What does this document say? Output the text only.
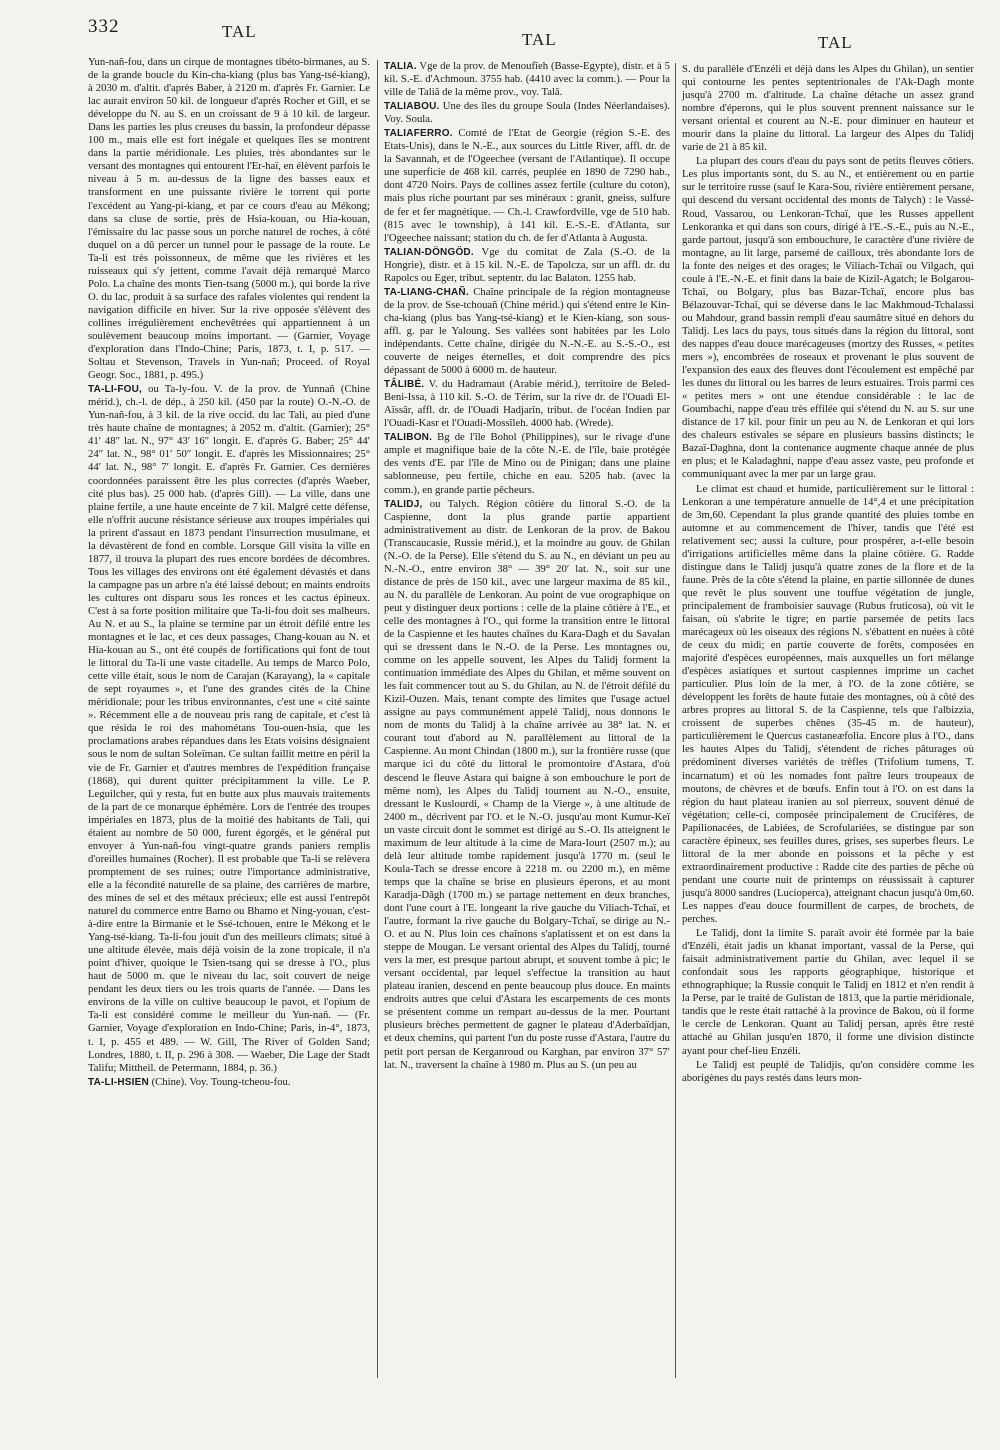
332	TAL	TAL	TAL

Yun-nañ-fou, dans un cirque de montagnes tibéto-birmanes, au S. de la grande boucle du Kin-cha-kiang (plus bas Yang-tsé-kiang), à 2030 m. d'altit. d'après Baber, à 2120 m. d'après Fr. Garnier. Le lac aurait environ 50 kil. de longueur d'après Rocher et Gill, et se développe du N. au S. en un croissant de 9 à 10 kil. de largeur. Dans les parties les plus creuses du bassin, la profondeur dépasse 100 m., mais elle est fort inégale et quelques îles se montrent dans la partie méridionale. Les pluies, très abondantes sur le versant des montagnes qui entourent l'Er-haï, en élèvent parfois le niveau à 5 m. au-dessus de la ligne des basses eaux et transforment en une puissante rivière le torrent qui porte l'excédent au Yang-pi-kiang, et par ce cours d'eau au Mékong; dans sa cluse de sortie, près de Hsia-kouan, ou Hia-kouan, l'émissaire du lac passe sous un porche naturel de roches, à côté duquel on a dû percer un tunnel pour le passage de la route. Le Ta-li est très poissonneux, de même que les rivières et les ruisseaux qui s'y jettent, comme l'avait déjà remarqué Marco Polo. La chaîne des monts Tien-tsang (5000 m.), qui borde la rive O. du lac, produit à sa surface des rafales violentes qui rendent la navigation difficile en hiver. Sur la rive opposée s'élèvent des collines irrégulièrement enchevêtrées qui appartiennent à un soulèvement beaucoup moins important. — (Garnier, Voyage d'exploration dans l'Indo-Chine; Paris, 1873, t. I, p. 517. — Soltau et Stevenson, Travels in Yun-nañ; Proceed. of Royal Geogr. Soc., 1881, p. 495.)

TA-LI-FOU, ou Ta-ly-fou. V. de la prov. de Yunnañ (Chine mérid.), ch.-l. de dép., à 250 kil. (450 par la route) O.-N.-O. de Yun-nañ-fou, à 3 kil. de la rive occid. du lac Tali, au pied d'une très haute chaîne de montagnes; à 2052 m. d'altit. (Garnier); 25° 41′ 48″ lat. N., 97° 43′ 16″ longit. E. d'après G. Baber; 25° 44′ 24″ lat. N., 98° 01′ 50″ longit. E. d'après les Missionnaires; 25° 44′ lat. N., 98° 7′ longit. E. d'après Fr. Garnier. Ces dernières coordonnées paraissent être les plus correctes (d'après Waeber, cité plus bas). 25 000 hab. (d'après Gill). — La ville, dans une plaine fertile, a une haute enceinte de 7 kil. Malgré cette défense, elle n'offrit aucune résistance sérieuse aux troupes impériales qui la prirent d'assaut en 1873 pendant l'insurrection musulmane, et la dévastèrent de fond en comble. Lorsque Gill visita la ville en 1877, il trouva la plupart des rues encore bordées de décombres. Tous les villages des environs ont été également dévastés et dans la campagne pas un arbre n'a été laissé debout; en maints endroits les cultures ont disparu sous les ronces et les cactus épineux. C'est à sa forte position militaire que Ta-li-fou doit ses malheurs. Au N. et au S., la plaine se termine par un étroit défilé entre les montagnes et le lac, et ces deux passages, Chang-kouan au N. et Hia-kouan au S., ont été coupés de fortifications qui font de tout le littoral du Ta-li une vaste citadelle. Au temps de Marco Polo, cette ville était, sous le nom de Carajan (Karayang), la « capitale de sept royaumes », et l'une des grandes cités de la Chine méridionale; pour les tribus environnantes, c'est une « cité sainte ». Récemment elle a de nouveau pris rang de capitale, et c'est là que résida le roi des mahométans Tou-ouen-hsia, que les proclamations arabes répandues dans les Etats voisins désignaient sous le nom de sultan Soleïman. Ce sultan faillit mettre en péril la vie de Fr. Garnier et d'autres membres de l'expédition française (1868), qui durent quitter précipitamment la ville. Le P. Leguilcher, qui y resta, fut en butte aux plus mauvais traitements de la part de ce monarque éphémère. Lors de l'entrée des troupes impériales en 1873, plus de la moitié des habitants de Tali, qui étaient au nombre de 50 000, furent égorgés, et le général put envoyer à Yun-nañ-fou vingt-quatre grands paniers remplis d'oreilles humaines (Rocher). Il est probable que Ta-li se relèvera promptement de ses ruines; outre l'importance administrative, elle a la fécondité naturelle de sa plaine, des carrières de marbre, des mines de sel et des métaux précieux; elle est aussi l'entrepôt naturel du commerce entre Bamo ou Bhamo et Ning-youan, c'est-à-dire entre la Birmanie et le Ssé-tchouen, entre le Mékong et le Yang-tsé-kiang. Ta-li-fou jouit d'un des meilleurs climats; situé à une altitude élevée, mais déjà voisin de la zone tropicale, il n'a point d'hiver, quoique le Tsien-tsang qui se dresse à l'O., plus haut de 5000 m. que le niveau du lac, soit couvert de neige pendant les deux tiers ou les trois quarts de l'année. — Dans les environs de la ville on cultive beaucoup le pavot, et l'opium de Ta-li est considéré comme le meilleur du Yun-nañ. — (Fr. Garnier, Voyage d'exploration en Indo-Chine; Paris, in-4°, 1873, t. I, p. 455 et 489. — W. Gill, The River of Golden Sand; Londres, 1880, t. II, p. 296 à 308. — Waeber, Die Lage der Stadt Talifu; Mittheil. de Petermann, 1884, p. 36.)

TA-LI-HSIEN (Chine). Voy. Toung-tcheou-fou.

TALIA. Vge de la prov. de Menoufîeh (Basse-Egypte), distr. et à 5 kil. S.-E. d'Achmoun. 3755 hab. (4410 avec la comm.). — Pour la ville de Taliâ de la même prov., voy. Talâ.

TALIABOU. Une des îles du groupe Soula (Indes Néerlandaises). Voy. Soula.

TALIAFERRO. Comté de l'Etat de Georgie (région S.-E. des Etats-Unis), dans le N.-E., aux sources du Little River, affl. dr. de la Savannah, et de l'Ogeechee (versant de l'Atlantique). Il occupe une superficie de 468 kil. carrés, peuplée en 1890 de 7290 hab., dont 4720 Noirs. Pays de collines assez fertile (culture du coton), mais plus riche pourtant par ses minéraux : granit, gneiss, sulfure de fer et fer magnétique. — Ch.-l. Crawfordville, vge de 510 hab. (815 avec le township), à 141 kil. E.-S.-E. d'Atlanta, sur l'Ogeechee naissant; station du ch. de fer d'Atlanta à Augusta.

TALIAN-DÖNGÖD. Vge du comitat de Zala (S.-O. de la Hongrie), distr. et à 15 kil. N.-E. de Tapolcza, sur un affl. dr. du Rapolcs ou Eger, tribut. septentr. du lac Balaton. 1255 hab.

TA-LIANG-CHAÑ. Chaîne principale de la région montagneuse de la prov. de Sse-tchouañ (Chine mérid.) qui s'étend entre le Kin-cha-kiang (plus bas Yang-tsé-kiang) et le Kien-kiang, son sous-affl. g. par le Yaloung. Ses vallées sont habitées par les Lolo indépendants. Cette chaîne, dirigée du N.-N.-E. au S.-S.-O., est couverte de neiges éternelles, et doit comprendre des pics dépassant de 5000 à 6000 m. de hauteur.

TÂLIBÉ. V. du Hadramaut (Arabie mérid.), territoire de Beled-Beni-Issa, à 110 kil. S.-O. de Térim, sur la rive dr. de l'Ouadi El-Aïssâr, affl. dr. de l'Ouadi Hadjarîn, tribut. de l'océan Indien par l'Ouadi-Kasr et l'Ouadi-Mossîleh. 4000 hab. (Wrede).

TALIBON. Bg de l'île Bohol (Philippines), sur le rivage d'une ample et magnifique baie de la côte N.-E. de l'île, baie protégée des vents d'E. par l'île de Mino ou de Pinigan; dans une plaine sablonneuse, peu fertile, chiche en eau. 5205 hab. (avec la comm.), en grande partie pêcheurs.

TALIDJ, ou Talych. Région côtière du littoral S.-O. de la Caspienne, dont la plus grande partie appartient administrativement au distr. de Lenkoran de la prov. de Bakou (Transcaucasie, Russie mérid.), et la moindre au gouv. de Ghilan (N.-O. de la Perse). Elle s'étend du S. au N., en déviant un peu au N.-N.-O., entre environ 38° — 39° 20′ lat. N., soit sur une distance de près de 150 kil., avec une largeur maxima de 85 kil., au N. du parallèle de Lenkoran. Au point de vue orographique on peut y distinguer deux portions : celle de la plaine côtière à l'E., et celle des montagnes à l'O., qui forme la transition entre le littoral de la Caspienne et les hautes chaînes du Kara-Dagh et du Savalan qui se dressent dans le N.-O. de la Perse. Les montagnes ou, comme on les appelle souvent, les Alpes du Talidj forment la continuation immédiate des Alpes du Ghilan, et même souvent on les fait commencer tout au S. du Ghilan, au N. de l'étroit défilé du Kizil-Ouzen. Mais, tenant compte des limites que l'usage actuel assigne au pays communément appelé Talidj, nous donnons le nom de monts du Talidj à la chaîne arrivée au 38° lat. N. et courant tout d'abord au N. parallèlement au littoral de la Caspienne. Au mont Chindan (1800 m.), sur la frontière russe (que marque ici du côté du littoral le promontoire d'Astara, d'où descend le fleuve Astara qui baigne à son embouchure le port de même nom), les Alpes du Talidj tournent au N.-O., ensuite, dressant le Kuslourdi, « Champ de la Vierge », à une altitude de 2400 m., décrivent par l'O. et le N.-O. jusqu'au mont Kumur-Keï un vaste circuit dont le sommet est dirigé au S.-O. Ils atteignent le maximum de leur altitude à la cime de Mara-Iourt (2507 m.); au delà leur altitude tombe rapidement jusqu'à 1770 m. (seul le Koula-Tach se dresse encore à 2218 m. ou 2200 m.), en même temps que la chaîne se brise en plusieurs éperons, et au mont Karadja-Dâgh (1700 m.) se partage nettement en deux branches, dont l'une court à l'E. longeant la rive gauche du Viliach-Tchaï, et l'autre, formant la rive gauche du Bolgary-Tchaï, se dirige au N.-O. et au N. Plus loin ces chaînons s'aplatissent et on est dans la steppe de Mougan. Le versant oriental des Alpes du Talidj, tourné vers la mer, est presque partout abrupt, et souvent tombe à pic; le versant occidental, par lequel s'effectue la transition au haut plateau iranien, descend en pente beaucoup plus douce. En maints endroits autres que celui d'Astara les escarpements de ces monts se présentent comme un rempart au-dessus de la mer. Pourtant plusieurs brèches permettent de gagner le plateau d'Aderbaïdjan, et deux chemins, qui partent l'un du poste russe d'Astara, l'autre du petit port persan de Kerganroud ou Karghan, par environ 37° 57′ lat. N., traversent la chaîne à 1980 m. Plus au S. (un peu au

S. du parallèle d'Enzéli et déjà dans les Alpes du Ghilan), un sentier qui contourne les pentes septentrionales de l'Ak-Dagh monte jusqu'à 2700 m. d'altitude. La chaîne détache un assez grand nombre d'éperons, qui le plus souvent prennent naissance sur le versant oriental et courent au N.-E. pour diminuer en hauteur et mourir dans la plaine du littoral. La largeur des Alpes du Talidj varie de 21 à 85 kil.

La plupart des cours d'eau du pays sont de petits fleuves côtiers. Les plus importants sont, du S. au N., et entièrement ou en partie sur le territoire russe (sauf le Kara-Sou, rivière entièrement persane, qui descend du versant occidental des monts de Talych) : le Vassé-Roud, Vassarou, ou Lenkoran-Tchaï, que les Russes appellent Lenkoranka et qui dans son cours, dirigé à l'E.-S.-E., puis au N.-E., garde partout, jusqu'à son embouchure, le caractère d'une rivière de montagne, au lit large, parsemé de cailloux, très abondante lors de la fonte des neiges et des orages; le Viliach-Tchaï ou Vilgach, qui coule à l'E.-N.-E. et finit dans la baie de Kizil-Agatch; le Bolgarou-Tchaï, ou Bolgary, plus bas Bazar-Tchaï, encore plus bas Bélazouvar-Tchaï, qui se déverse dans le lac Makhmoud-Tchalassi ou Mahdour, grand bassin rempli d'eau saumâtre situé en dehors du Talidj. Les lacs du pays, tous situés dans la région du littoral, sont des nappes d'eau douce marécageuses (mortzy des Russes, « petites mers »), encombrées de roseaux et provenant le plus souvent de l'expansion des eaux des fleuves dont l'écoulement est empêché par les dunes du littoral ou les barres de leurs estuaires. Trois parmi ces « petites mers » ont une étendue considérable : le lac de Goumbachi, nappe d'eau très effilée qui s'étend du N. au S. sur une distance de 17 kil. pour finir un peu au N. de Lenkoran et qui lors des chaleurs estivales se sépare en plusieurs bassins distincts; le Bazaï-Daghna, dont la contenance augmente chaque année de plus en plus; et le Kaladaghni, nappe d'eau assez vaste, peu profonde et communiquant avec la mer par un large grau.

Le climat est chaud et humide, particulièrement sur le littoral : Lenkoran a une température annuelle de 14°,4 et une précipitation de 3m,60. Cependant la plus grande quantité des pluies tombe en automne et au commencement de l'hiver, tandis que l'été est relativement sec; aussi la culture, pour prospérer, a-t-elle besoin d'irrigations artificielles même dans la plaine côtière. G. Radde distingue dans le Talidj jusqu'à quatre zones de la flore et de la faune. Près de la côte s'étend la plaine, en partie sillonnée de dunes que revêt le plus souvent une touffue végétation de jungle, principalement de framboisier sauvage (Rubus fruticosa), où vit le faisan, où s'abrite le tigre; en partie parsemée de petits lacs marécageux où les oiseaux des régions N. s'ébattent en nuées à côté de ceux du midi; en partie couverte de forêts, composées en majorité d'espèces européennes, mais auxquelles un fort mélange d'espèces asiatiques et surtout caspiennes imprime un cachet particulier. Plus loin de la mer, à l'O. de la zone côtière, se développent les forêts de haute futaie des montagnes, où à côté des arbres propres au littoral S. de la Caspienne, tels que l'albizzia, croissent de superbes chênes (35-45 m. de hauteur), particulièrement le Quercus castaneæfolia. Encore plus à l'O., dans les hautes Alpes du Talidj, s'étendent de riches pâturages où prédominent diverses variétés de trèfles (Trifolium tumens, T. incarnatum) et où les nomades font paître leurs troupeaux de moutons, de chèvres et de bœufs. Enfin tout à l'O. on est dans la région du haut plateau iranien au sol pierreux, souvent dénué de végétation; celle-ci, composée principalement de Crucifères, de Papilionacées, de Labiées, de Scrofulariées, se distingue par son caractère épineux, ses feuilles dures, grises, ses superbes fleurs. Le littoral de la mer abonde en poissons et la pêche y est extraordinairement productive : Radde cite des parties de pêche où pendant une courte nuit de printemps on réussissait à capturer jusqu'à 8000 sandres (Lucioperca), atteignant chacun jusqu'à 0m,60. Les nappes d'eau douce fourmillent de carpes, de brochets, de perches.

Le Talidj, dont la limite S. paraît avoir été formée par la baie d'Enzéli, était jadis un khanat important, vassal de la Perse, qui faisait administrativement partie du Ghilan, avec lequel il se confondait sous les rapports géographique, historique et ethnographique; la Russie conquit le Talidj en 1812 et n'en rendit à la Perse, par le traité de Gulistan de 1813, que la partie méridionale, tandis que le reste était rattaché à la province de Bakou, où il forme le cercle de Lenkoran. Quant au Talidj persan, après être resté attaché au Ghilan jusqu'en 1870, il forme une division distincte ayant pour chef-lieu Enzéli.

Le Talidj est peuplé de Talidjis, qu'on considère comme les aborigènes du pays restés dans leurs mon-
